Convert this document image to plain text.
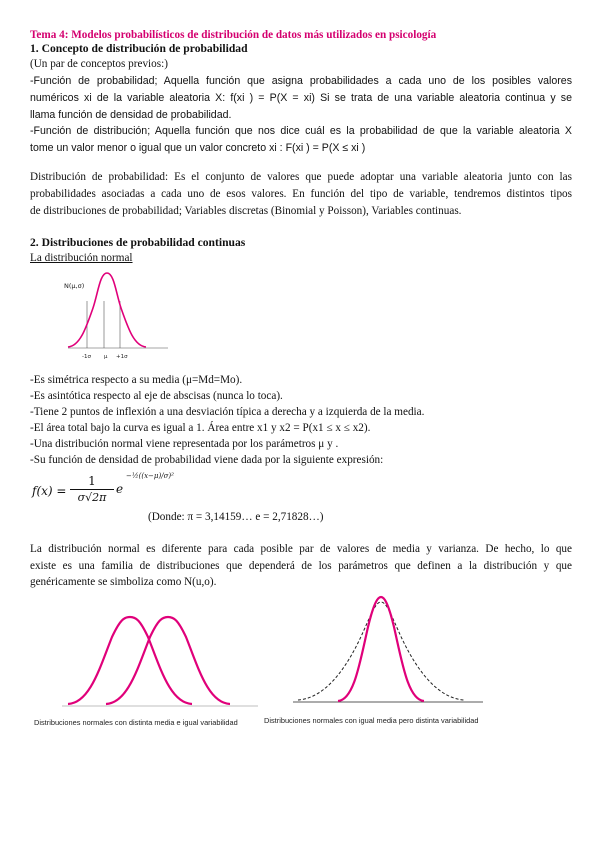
Tema 4: Modelos probabilísticos de distribución de datos más utilizados en psicología
1. Concepto de distribución de probabilidad
(Un par de conceptos previos:)
-Función de probabilidad; Aquella función que asigna probabilidades a cada uno de los posibles valores
numéricos xi de la variable aleatoria X: f(xi ) = P(X = xi) Si se trata de una variable aleatoria continua y se
llama función de densidad de probabilidad.
-Función de distribución; Aquella función que nos dice cuál es la probabilidad de que la variable aleatoria X
tome un valor menor o igual que un valor concreto xi : F(xi ) = P(X ≤ xi )
Distribución de probabilidad: Es el conjunto de valores que puede adoptar una variable aleatoria junto con las
probabilidades asociadas a cada uno de esos valores. En función del tipo de variable, tendremos distintos tipos
de distribuciones de probabilidad; Variables discretas (Binomial y Poisson), Variables continuas.
2. Distribuciones de probabilidad continuas
La distribución normal
N(μ,σ)
-1σ μ +1σ
-Es simétrica respecto a su media (μ=Md=Mo).
-Es asintótica respecto al eje de abscisas (nunca lo toca).
-Tiene 2 puntos de inflexión a una desviación típica a derecha y a izquierda de la media.
-El área total bajo la curva es igual a 1. Área entre x1 y x2 = P(x1 ≤ x ≤ x2).
-Una distribución normal viene representada por los parámetros μ y .
-Su función de densidad de probabilidad viene dada por la siguiente expresión:
f(x) =
1
σ√2π
e
−½((x−μ)/σ)²
(Donde: π = 3,14159… e = 2,71828…)
La distribución normal es diferente para cada posible par de valores de media y varianza. De hecho, lo que
existe es una familia de distribuciones que dependerá de los parámetros que definen a la distribución y que
genéricamente se simboliza como N(u,o).
Distribuciones normales con distinta media e igual variabilidad	Distribuciones normales con igual media pero distinta variabilidad
